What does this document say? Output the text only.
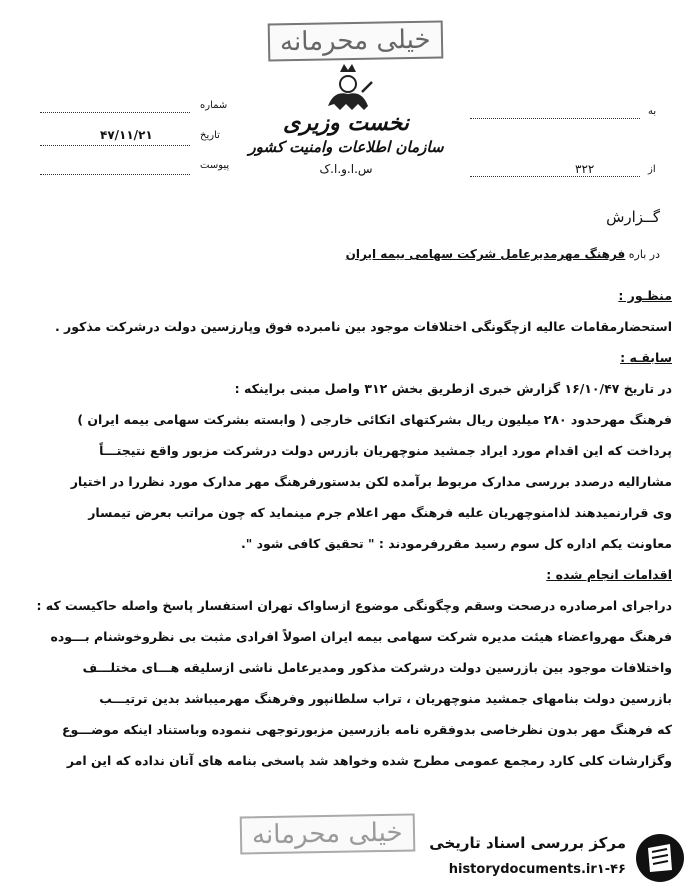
خیلی محرمانه
نخست وزیری
سازمان اطلاعات وامنیت کشور
س.ا.و.ا.ک
شماره
تاریخ
۴۷/۱۱/۲۱
پیوست
به
از
۳۲۲
گــزارش
در باره فرهنگ مهرمدیرعامل شرکت سهامی بیمه ایران
منظـور :
استحضارمقامات عالیه ازچگونگی اختلافات موجود بین نامبرده فوق وپارزسین دولت درشرکت مذکور .
سابقـه :
در تاریخ ۱۶/۱۰/۴۷ گزارش خبری ازطریق بخش ۳۱۲ واصل مبنی براینکه :
فرهنگ مهرحدود ۲۸۰ میلیون ریال بشرکتهای اتکائی خارجی ( وابسته بشرکت سهامی بیمه ایران )
پرداخت که این اقدام مورد ایراد جمشید منوچهریان بازرس دولت درشرکت مزبور واقع نتیجتـــاً
مشارالیه درصدد بررسی مدارک مربوط برآمده لکن بدستورفرهنگ مهر مدارک مورد نظررا در اختیار
وی قرارنمیدهند لذامنوچهریان علیه فرهنگ مهر اعلام جرم مینماید که چون مراتب بعرض تیمسار
معاونت یکم اداره کل سوم رسید مقررفرمودند : " تحقیق کافی شود ".
اقدامات انجام شده :
دراجرای امرصادره درصحت وسقم وچگونگی موضوع ازساواک تهران استفسار پاسخ واصله حاکیست که :
فرهنگ مهرواعضاء هیئت مدیره شرکت سهامی بیمه ایران اصولاً افرادی مثبت بی نظروخوشنام بـــوده
واختلافات موجود بین بازرسین دولت درشرکت مذکور ومدیرعامل ناشی ازسلیقه هـــای مختلـــف
بازرسین دولت بنامهای جمشید منوچهریان ، تراب سلطانپور وفرهنگ مهرمیباشد بدین ترتیـــب
که فرهنگ مهر بدون نظرخاصی بدوفقره نامه بازرسین مزبورتوجهی ننموده وباستناد اینکه موضـــوع
وگزارشات کلی کارد رمجمع عمومی مطرح شده وخواهد شد پاسخی بنامه های آنان نداده که این امر
خیلی محرمانه	مرکز بررسی اسناد تاریخی
historydocuments.ir۱-۴۶
